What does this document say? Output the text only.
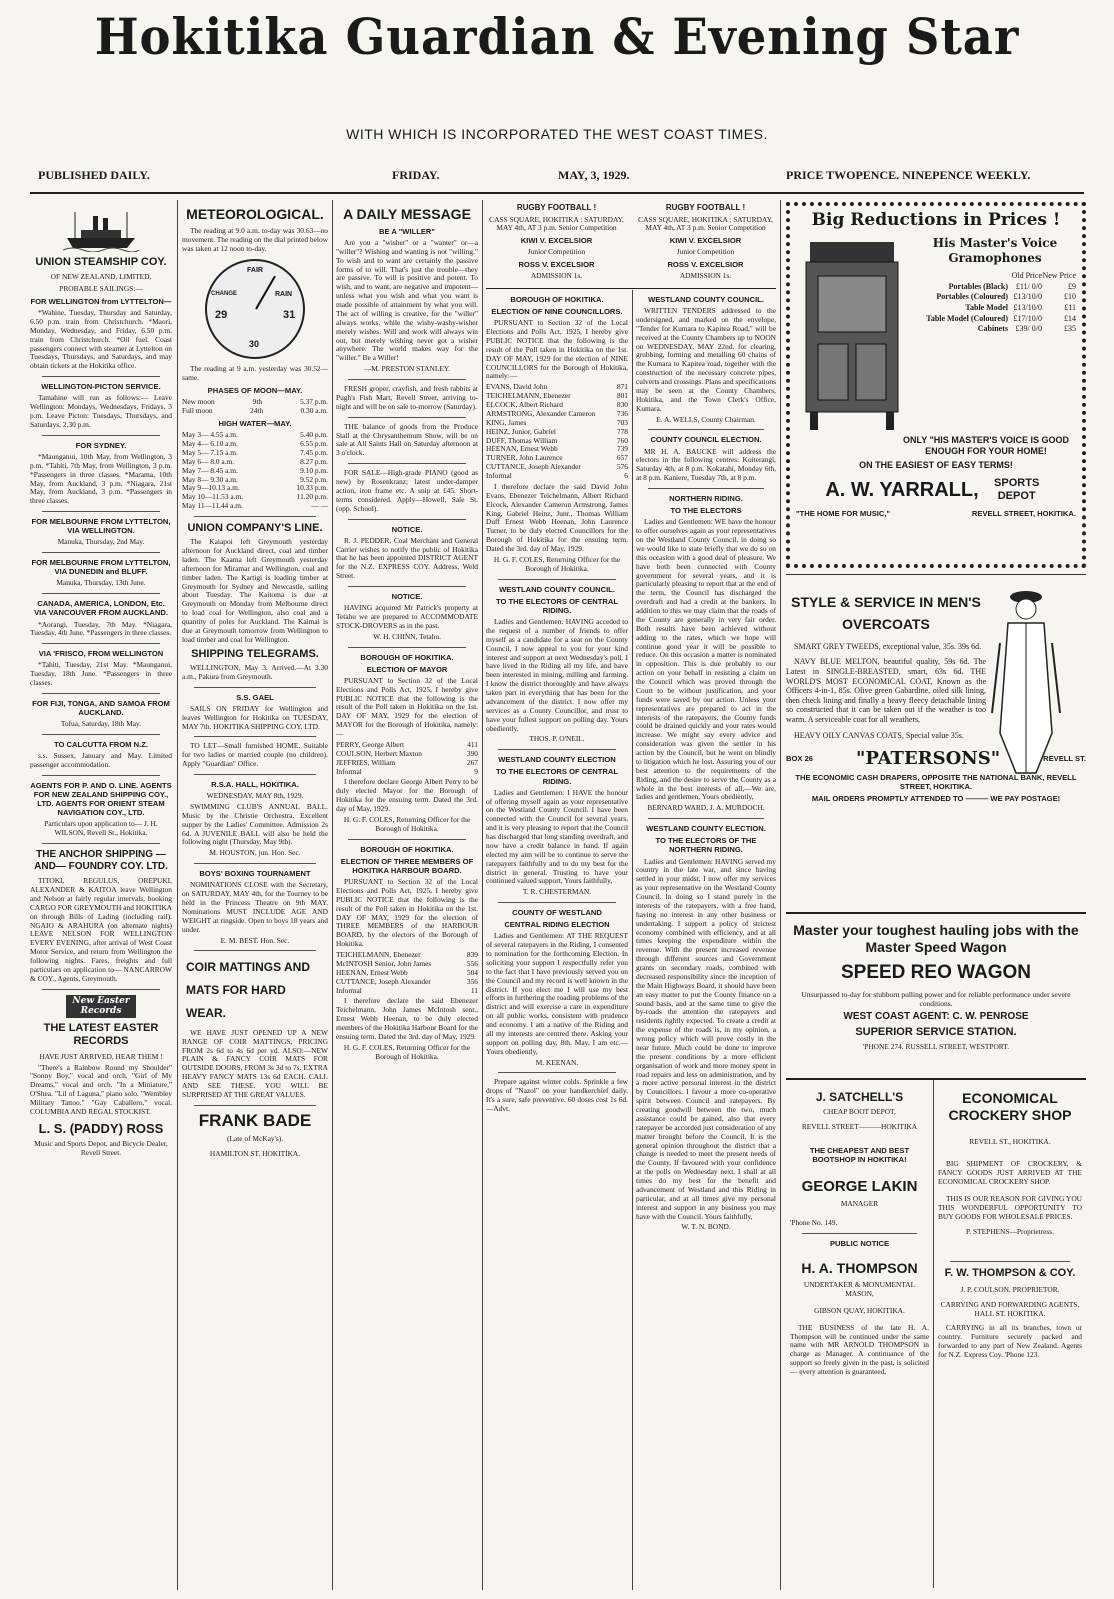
Hokitika Guardian & Evening Star
WITH WHICH IS INCORPORATED THE WEST COAST TIMES.
PUBLISHED DAILY.	FRIDAY.	MAY, 3, 1929.	PRICE TWOPENCE. NINEPENCE WEEKLY.
UNION STEAMSHIP COY.
OF NEW ZEALAND, LIMITED.
PROBABLE SAILINGS:—
FOR WELLINGTON from LYTTELTON—
*Wahine, Tuesday, Thursday and Saturday, 6.50 p.m. train from Christchurch. *Maori, Monday, Wednesday, and Friday, 6.50 p.m. train from Christchurch. *Oil fuel. Coast passengers connect with steamer at Lyttelton on Tuesdays, Thursdays, and Saturdays, and may obtain tickets at the Hokitika office.
WELLINGTON-PICTON SERVICE.
Tamahine will run as follows:— Leave Wellington: Mondays, Wednesdays, Fridays, 3 p.m. Leave Picton: Tuesdays, Thursdays, and Saturdays, 2.30 p.m.
FOR SYDNEY.
*Maunganui, 10th May, from Wellington, 3 p.m. *Tahiti, 7th May, from Wellington, 3 p.m. *Passengers in three classes. *Marama, 10th May, from Auckland, 3 p.m. *Niagara, 21st May, from Auckland, 3 p.m. *Passengers in three classes.
FOR MELBOURNE FROM LYTTELTON, VIA WELLINGTON.
Manuka, Thursday, 2nd May.
FOR MELBOURNE FROM LYTTELTON, VIA DUNEDIN and BLUFF.
Manuka, Thursday, 13th June.
CANADA, AMERICA, LONDON, Etc. VIA VANCOUVER FROM AUCKLAND.
*Aorangi, Tuesday, 7th May. *Niagara, Tuesday, 4th June. *Passengers in three classes.
VIA 'FRISCO, FROM WELLINGTON
*Tahiti, Tuesday, 21st May. *Maunganui, Tuesday, 18th June. *Passengers in three classes.
FOR FIJI, TONGA, AND SAMOA FROM AUCKLAND.
Tofua, Saturday, 18th May.
TO CALCUTTA FROM N.Z.
s.s. Sussex, January and May. Limited passenger accommodation.
AGENTS FOR P. AND O. LINE. AGENTS FOR NEW ZEALAND SHIPPING COY., LTD. AGENTS FOR ORIENT STEAM NAVIGATION COY., LTD.
Particulars upon application to— J. H. WILSON, Revell St., Hokitika.
THE ANCHOR SHIPPING —AND— FOUNDRY COY. LTD.
TITOKI, REGULUS, OREPUKI, ALEXANDER & KAITOA leave Wellington and Nelson at fairly regular intervals, booking CARGO FOR GREYMOUTH and HOKITIKA on through Bills of Lading (including rail). NGAIO & ARAHURA (on alternate nights) LEAVE NELSON FOR WELLINGTON EVERY EVENING, after arrival of West Coast Motor Service, and return from Wellington the following nights. Fares, freights and full particulars on application to— NANCARROW & COY., Agents, Greymouth.
New Easter Records
THE LATEST EASTER RECORDS
HAVE JUST ARRIVED, HEAR THEM !
"There's a Rainbow Round my Shoulder" "Sonny Boy," vocal and orch. "Girl of My Dreams," vocal and orch. "In a Miniature," O'Shea. "Lil of Laguna," piano solo. "Wembley Military Tattoo." "Gay Caballero," vocal. COLUMBIA AND REGAL STOCKIST.
L. S. (PADDY) ROSS
Music and Sports Depot, and Bicycle Dealer, Revell Street.
METEOROLOGICAL.
The reading at 9.0 a.m. to-day was 30.63—no movement. The reading on the dial printed below was taken at 12 noon to-day.
FAIR
CHANGE	RAIN
29
30
31
The reading at 9 a.m. yesterday was 30.52—same.
PHASES OF MOON—MAY.
New moon	9th	5.37 p.m.
Full moon	24th	0.30 a.m.
HIGH WATER—MAY.
May 3— 4.55 a.m.	5.40 p.m.
May 4— 6.10 a.m.	6.55 p.m.
May 5— 7.15 a.m.	7.45 p.m.
May 6— 8.0 a.m.	8.27 p.m.
May 7— 8.45 a.m.	9.10 p.m.
May 8— 9.30 a.m.	9.52 p.m.
May 9—10.13 a.m.	10.33 p.m.
May 10—11.53 a.m.	11.20 p.m.
May 11—11.44 a.m.	— —
UNION COMPANY'S LINE.
The Kaiapoi left Greymouth yesterday afternoon for Auckland direct, coal and timber laden. The Kaama left Greymouth yesterday afternoon for Miramar and Wellington, coal and timber laden. The Kartigi is loading timber at Greymouth for Sydney and Newcastle, sailing about Tuesday. The Kaitoma is due at Greymouth on Monday from Melbourne direct to load coal for Wellington, also coal and a quantity of poles for Auckland. The Kaimai is due at Greymouth tomorrow from Wellington to load timber and coal for Wellington.
SHIPPING TELEGRAMS.
WELLINGTON, May 3. Arrived.—At 3.30 a.m., Pakura from Greymouth.
S.S. GAEL
SAILS ON FRIDAY for Wellington and leaves Wellington for Hokitika on TUESDAY, MAY 7th. HOKITIKA SHIPPING COY. LTD.
TO LET—Small furnished HOME. Suitable for two ladies or married couple (no children). Apply "Guardian" Office.
R.S.A. HALL, HOKITIKA.
WEDNESDAY, MAY 8th, 1929.
SWIMMING CLUB'S ANNUAL BALL. Music by the Christie Orchestra. Excellent supper by the Ladies' Committee. Admission 2s 6d. A JUVENILE BALL will also be held the following night (Thursday, May 9th).
M. HOUSTON, jun. Hon. Sec.
BOYS' BOXING TOURNAMENT
NOMINATIONS CLOSE with the Secretary, on SATURDAY, MAY 4th, for the Tourney to be held in the Princess Theatre on 9th MAY. Nominations MUST INCLUDE AGE AND WEIGHT at ringside. Open to boys 18 years and under.
E. M. BEST. Hon. Sec.
COIR MATTINGS AND MATS FOR HARD WEAR.
WE HAVE JUST OPENED UP A NEW RANGE OF COIR MATTINGS, PRICING FROM 2s 6d to 4s 6d per yd. ALSO:—NEW PLAIN & FANCY COIR MATS FOR OUTSIDE DOORS, FROM 3s 3d to 7s. EXTRA HEAVY FANCY MATS 13s 6d EACH. CALL AND SEE THESE. YOU WILL BE SURPRISED AT THE GREAT VALUES.
FRANK BADE
(Late of McKay's).
HAMILTON ST. HOKITIKA.
A DAILY MESSAGE
BE A "WILLER"
Are you a "wisher" or a "wanter" or—a "willer"? Wishing and wanting is not "willing." To wish and to want are certainly the passive forms of to will. That's just the trouble—they are passive. To will is positive and potent. To wish, and to want, are negative and impotent—unless what you wish and what you want is made possible of attainment by what you will. The act of willing is creative, for the "willer" always works, while the wishy-washy-wisher merely wishes. Will and work will always win out, but merely wishing never got a wisher anywhere. The world makes way for the "willer." Be a Willer!
—M. PRESTON STANLEY.
FRESH groper, crayfish, and fresh rabbits at Pugh's Fish Mart, Revell Street, arriving to-night and will be on sale to-morrow (Saturday).
THE balance of goods from the Produce Stall at the Chrysanthemum Show, will be on sale at All Saints Hall on Saturday afternoon at 3 o'clock.
FOR SALE—High-grade PIANO (good as new) by Rosenkranz; latest under-damper action, iron frame etc. A snip at £45. Short-terms considered. Apply—Howell, Sale St. (opp. School).
NOTICE.
R. J. PEDDER, Coal Merchant and General Carrier wishes to notify the public of Hokitika that he has been appointed DISTRICT AGENT for the N.Z. EXPRESS COY. Address, Weld Street.
NOTICE.
HAVING acquired Mr Patrick's property at Tetahu we are prepared to ACCOMMODATE STOCK-DROVERS as in the past.
W. H. CHINN, Tetahu.
BOROUGH OF HOKITIKA.
ELECTION OF MAYOR
PURSUANT to Section 32 of the Local Elections and Polls Act, 1925, I hereby give PUBLIC NOTICE that the following is the result of the Poll taken in Hokitika on the 1st. DAY OF MAY, 1929 for the election of MAYOR for the Borough of Hokitika, namely:—
PERRY, George Albert	411
COULSON, Herbert Maxton	390
JEFFRIES, William	267
Informal	9
I therefore declare George Albert Perry to be duly elected Mayor for the Borough of Hokitika for the ensuing term. Dated the 3rd. day of May, 1929.
H. G. F. COLES, Returning Officer for the Borough of Hokitika.
BOROUGH OF HOKITIKA.
ELECTION OF THREE MEMBERS OF HOKITIKA HARBOUR BOARD.
PURSUANT to Section 32 of the Local Elections and Polls Act, 1925, I hereby give PUBLIC NOTICE that the following is the result of the Poll taken in Hokitika on the 1st. DAY OF MAY, 1929 for the election of THREE MEMBERS of the HARBOUR BOARD, by the electors of the Borough of Hokitika.
TEICHELMANN, Ebenezer	839
McINTOSH Senior, John James	556
HEENAN, Ernest Webb	504
CUTTANCE, Joseph Alexander	356
Informal	11
I therefore declare the said Ebenezer Teichelmann, John James McIntosh senr., Ernest Webb Heenan, to be duly elected members of the Hokitika Harbour Board for the ensuing term. Dated the 3rd. day of May, 1929.
H. G. F. COLES, Returning Officer for the Borough of Hokitika.
RUGBY FOOTBALL !
CASS SQUARE, HOKITIKA : SATURDAY, MAY 4th, AT 3 p.m. Senior Competition
KIWI V. EXCELSIOR
Junior Competition
ROSS V. EXCELSIOR
ADMISSION 1s.
RUGBY FOOTBALL !
CASS SQUARE, HOKITIKA : SATURDAY, MAY 4th, AT 3 p.m. Senior Competition
KIWI V. EXCELSIOR
Junior Competition
ROSS V. EXCELSIOR
ADMISSION 1s.
BOROUGH OF HOKITIKA.
ELECTION OF NINE COUNCILLORS.
PURSUANT to Section 32 of the Local Elections and Polls Act, 1925, I hereby give PUBLIC NOTICE that the following is the result of the Poll taken in Hokitika on the 1st. DAY OF MAY, 1929 for the election of NINE COUNCILLORS for the Borough of Hokitika, namely:—
EVANS, David John	871
TEICHELMANN, Ebenezer	801
ELCOCK, Albert Richard	830
ARMSTRONG, Alexander Cameron	736
KING, James	703
HEINZ, Junior, Gabriel	778
DUFF, Thomas William	760
HEENAN, Ernest Webb	739
TURNER, John Laurence	657
CUTTANCE, Joseph Alexander	576
Informal	6
I therefore declare the said David John Evans, Ebenezer Teichelmann, Albert Richard Elcock, Alexander Cameron Armstrong, James King, Gabriel Heinz, Junr., Thomas William Duff Ernest Webb Heenan, John Laurence Turner, to be duly elected Councillors for the Borough of Hokitika for the ensuing term. Dated the 3rd. day of May, 1929.
H. G. F. COLES, Returning Officer for the Borough of Hokitika.
WESTLAND COUNTY COUNCIL.
TO THE ELECTORS OF CENTRAL RIDING.
Ladies and Gentlemen: HAVING acceded to the request of a number of friends to offer myself as a candidate for a seat on the County Council, I now appeal to you for your kind interest and support at next Wednesday's poll. I have lived in the Riding all my life, and have been interested in mining, milling and farming. I know the district thoroughly and have always taken part in everything that has been for the advancement of the district. I now offer my services as a County Councillor, and trust to have your fullest support on polling day. Yours obediently,
THOS. P. O'NEIL.
WESTLAND COUNTY ELECTION
TO THE ELECTORS OF CENTRAL RIDING.
Ladies and Gentlemen: I HAVE the honour of offering myself again as your representative on the Westland County Council. I have been connected with the Council for several years, and it is very pleasing to report that the Council has discharged that long standing overdraft, and now have a credit balance in hand. If again elected my aim will be to continue to serve the ratepayers faithfully and to do my best for the district in general. Trusting to have your continued valued support, Yours faithfully,
T. R. CHESTERMAN.
COUNTY OF WESTLAND
CENTRAL RIDING ELECTION
Ladies and Gentlemen: AT THE REQUEST of several ratepayers in the Riding, I consented to nomination for the forthcoming Election. In soliciting your support I respectfully refer you to the fact that I have previously served you on the Council and my record is well known in the district. If you elect me I will use my best efforts in furthering the roading problems of the district and will exercise a care in expenditure on all public works, consistent with prudence and economy. I am a native of the Riding and all my interests are centred there. Asking your support on polling day, 8th. May, I am etc.— Yours obediently,
M. KEENAN.
Prepare against winter colds. Sprinkle a few drops of "Nazol" on your handkerchief daily. It's a sure, safe preventive. 60 doses cost 1s 6d.—Advt.
WESTLAND COUNTY COUNCIL.
WRITTEN TENDERS addressed to the undersigned, and marked on the envelope, "Tender for Kumara to Kapitea Road," will be received at the County Chambers up to NOON on WEDNESDAY, MAY 22nd. for clearing, grubbing, forming and metalling 60 chains of the Kumara to Kapitea road, together with the construction of the necessary concrete pipes, culverts and crossings. Plans and specifications may be seen at the County Chambers, Hokitika, and the Town Clerk's Office, Kumara.
E. A. WELLS, County Chairman.
COUNTY COUNCIL ELECTION.
MR H. A. BAUCKE will address the electors in the following centres: Koiterangi, Saturday 4th, at 8 p.m. Kokatahi, Monday 6th, at 8 p.m. Kaniere, Tuesday 7th, at 8 p.m.
NORTHERN RIDING.
TO THE ELECTORS
Ladies and Gentlemen: WE have the honour to offer ourselves again as your representatives on the Westland County Council, in doing so we would like to state briefly that we do so on this occasion with a good deal of pleasure. We have both been connected with County government for several years, and it is particularly pleasing to report that at the end of the term, the Council has discharged the overdraft and had a credit at the bankers. In addition to this we may claim that the roads of the County are generally in very fair order. Both results have been achieved without adding to the rates, which we hope will continue good year it will be possible to reduce. On this occasion a matter is nominated in opposition. This is due probably to our action on your behalf in resisting a claim on the Council which was proved through the Court to be without justification, and your funds were saved by our action. Unless your representatives are prepared to act in the interests of the ratepayers, the County funds could be drained quickly and your rates would increase. We might say every advice and consideration was given the settler in his action by the Council, but he went on blindly to litigation which he lost. Assuring you of our best attention to the requirements of the Riding, and the desire to serve the County as a whole in the best interests of all,—We are, ladies and gentlemen, Yours obediently,
BERNARD WARD, J. A. MURDOCH.
WESTLAND COUNTY ELECTION.
TO THE ELECTORS OF THE NORTHERN RIDING.
Ladies and Gentlemen: HAVING served my country in the late war, and since having settled in your midst, I now offer my services as your representative on the Westland County Council. In doing so I stand purely in the interests of the ratepayers, with a free hand, having no interest in any other business or undertaking. I support a policy of strictest economy combined with efficiency, and at all times keeping the expenditure within the revenue. With the present increased revenue through different sources and Government grants on secondary roads, combined with decreased responsibility since the inception of the Main Highways Board, it should have been an easy matter to put the County finance on a sound basis, and at the same time to give the by-roads the attention the ratepayers and residents rightly expected. To create a credit at the expense of the roads is, in my opinion, a wrong policy which will prove costly in the near future. Much could be done to improve the present conditions by a more efficient organisation of work and more money spent in road repairs and less on administration, and by a more active personal interest in the district by Councillors. I favour a more co-operative spirit between Council and ratepayers. By creating goodwill between the two, much assistance could be gained, also that every ratepayer be accorded just consideration of any matter brought before the Council. It is the general opinion throughout the district that a change is needed to meet the present needs of the County. If favoured with your confidence at the polls on Wednesday next, I shall at all times do my best for the benefit and advancement of Westland and this Riding in particular, and at all times give my personal interest and support in any business you may have with the Council. Yours faithfully,
W. T. N. BOND.
Big Reductions in Prices !
His Master's Voice Gramophones
Old Price New Price
Portables (Black) £11/ 0/0	£9
Portables (Coloured) £13/10/0	£10
Table Model £13/10/0	£11
Table Model (Coloured) £17/10/0	£14
Cabinets £39/ 0/0	£35
ONLY "HIS MASTER'S VOICE IS GOOD ENOUGH FOR YOUR HOME!
ON THE EASIEST OF EASY TERMS!
A. W. YARRALL,	SPORTS DEPOT
"THE HOME FOR MUSIC,"	REVELL STREET, HOKITIKA.
STYLE & SERVICE IN MEN'S OVERCOATS
SMART GREY TWEEDS, exceptional value, 35s. 39s 6d.
NAVY BLUE MELTON, beautiful quality, 59s 6d. The Latest in SINGLE-BREASTED, smart, 63s 6d. THE WORLD'S MOST ECONOMICAL COAT, Known as the Officers 4-in-1, 85s. Olive green Gabardine, oiled silk lining, then check lining and finally a heavy fleecy detachable lining so constructed that it can be taken out if the weather is too warm. A serviceable coat for all weathers.
HEAVY OILY CANVAS COATS, Special value 35s.
BOX 26 "PATERSONS"	REVELL ST.
THE ECONOMIC CASH DRAPERS, OPPOSITE THE NATIONAL BANK, REVELL STREET, HOKITIKA.
MAIL ORDERS PROMPTLY ATTENDED TO ——— WE PAY POSTAGE!
Master your toughest hauling jobs with the Master Speed Wagon
SPEED REO WAGON
Unsurpassed to-day for stubborn pulling power and for reliable performance under severe conditions.
WEST COAST AGENT: C. W. PENROSE
SUPERIOR SERVICE STATION.
'PHONE 274. RUSSELL STREET, WESTPORT.
J. SATCHELL'S
CHEAP BOOT DEPOT,
REVELL STREET———HOKITIKA
THE CHEAPEST AND BEST BOOTSHOP IN HOKITIKA!
GEORGE LAKIN
MANAGER
'Phone No. 149.
PUBLIC NOTICE
H. A. THOMPSON
UNDERTAKER & MONUMENTAL MASON,
GIBSON QUAY, HOKITIKA.
THE BUSINESS of the late H. A. Thompson will be continued under the same name with MR ARNOLD THOMPSON in charge as Manager. A continuance of the support so freely given in the past, is solicited — every attention is guaranteed,
ECONOMICAL CROCKERY SHOP
REVELL ST., HOKITIKA.
BIG SHIPMENT OF CROCKERY, & FANCY GOODS JUST ARRIVED AT THE ECONOMICAL CROCKERY SHOP.
THIS IS OUR REASON FOR GIVING YOU THIS WONDERFUL OPPORTUNITY TO BUY GOODS FOR WHOLESALE PRICES.
P. STEPHENS—Proprietress.
F. W. THOMPSON & COY.
J. P. COULSON, PROPRIETOR.
CARRYING AND FORWARDING AGENTS, HALL ST. HOKITIKA.
CARRYING in all its branches, town or country. Furniture securely packed and forwarded to any part of New Zealand. Agents for N.Z. Express Coy. 'Phone 123.
